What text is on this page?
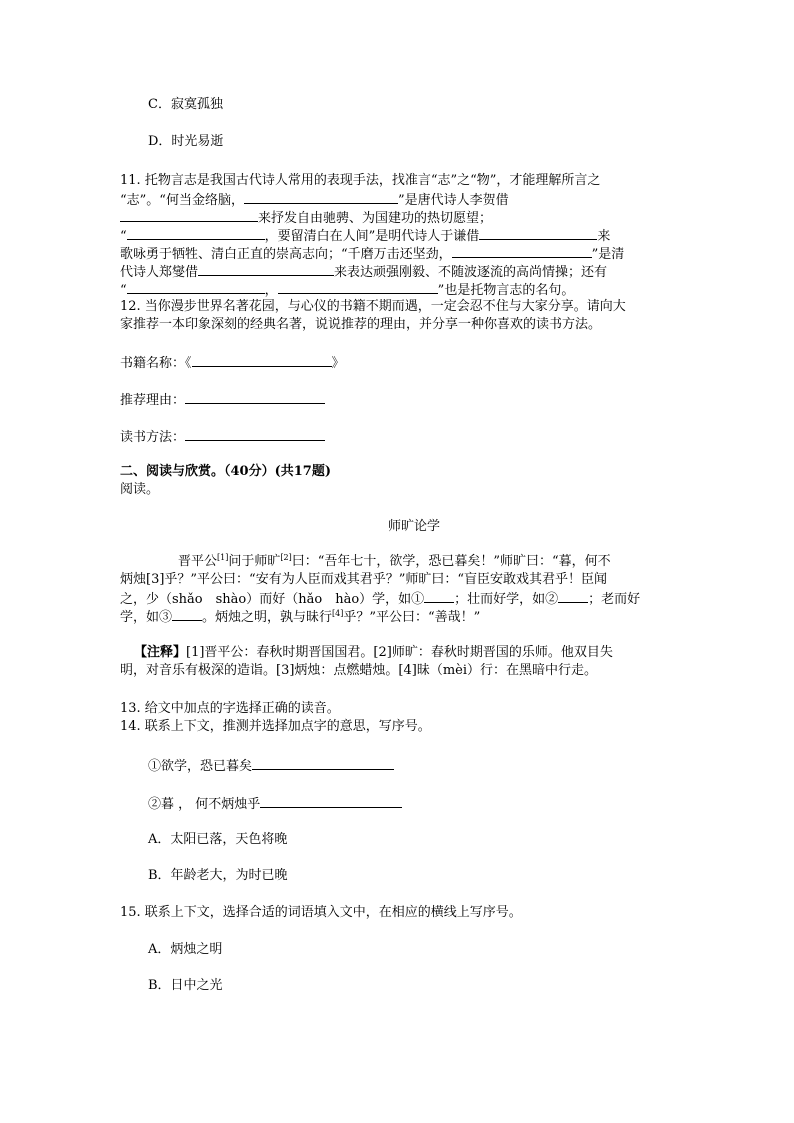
C．寂寞孤独

D．时光易逝

11. 托物言志是我国古代诗人常用的表现手法，找准言“志”之“物”，才能理解所言之

“志”。“何当金络脑，	”是唐代诗人李贺借

来抒发自由驰骋、为国建功的热切愿望；

“	，要留清白在人间”是明代诗人于谦借	来

歌咏勇于牺牲、清白正直的崇高志向；“千磨万击还坚劲，	”是清

代诗人郑燮借	来表达顽强刚毅、不随波逐流的高尚情操；还有

“	，	”也是托物言志的名句。

12. 当你漫步世界名著花园，与心仪的书籍不期而遇，一定会忍不住与大家分享。请向大

家推荐一本印象深刻的经典名著，说说推荐的理由，并分享一种你喜欢的读书方法。

书籍名称：《	》

推荐理由：

读书方法：

二、阅读与欣赏。（40分）(共17题)

阅读。

师旷论学

晋平公[1]问于师旷[2]曰：“吾年七十，欲学，恐已暮矣！”师旷曰：“暮，何不

炳烛[3]乎？”平公曰：“安有为人臣而戏其君乎？”师旷曰：“盲臣安敢戏其君乎！臣闻

之，少（shǎo　shào）而好（hǎo　hào）学，如① ；壮而好学，如② ；老而好

学，如③ 。炳烛之明，孰与昧行[4]乎？”平公曰：“善哉！”

【注释】[1]晋平公：春秋时期晋国国君。[2]师旷：春秋时期晋国的乐师。他双目失

明，对音乐有极深的造诣。[3]炳烛：点燃蜡烛。[4]昧（mèi）行：在黑暗中行走。

13. 给文中加点的字选择正确的读音。

14. 联系上下文，推测并选择加点字的意思，写序号。

①欲学，恐已暮矣

②暮 ， 何不炳烛乎

A．太阳已落，天色将晚

B．年龄老大，为时已晚

15. 联系上下文，选择合适的词语填入文中，在相应的横线上写序号。

A．炳烛之明

B．日中之光
